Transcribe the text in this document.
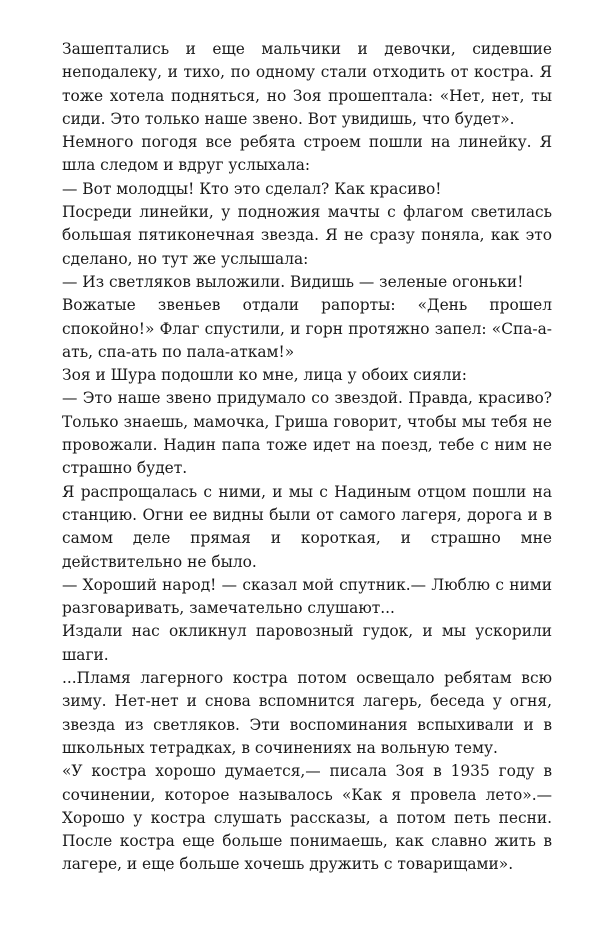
Зашептались и еще мальчики и девочки, сидевшие неподалеку, и тихо, по одному стали отходить от костра. Я тоже хотела подняться, но Зоя прошептала: «Нет, нет, ты сиди. Это только наше звено. Вот увидишь, что будет».

Немного погодя все ребята строем пошли на линейку. Я шла следом и вдруг услыхала:

— Вот молодцы! Кто это сделал? Как красиво!

Посреди линейки, у подножия мачты с флагом светилась большая пятиконечная звезда. Я не сразу поняла, как это сделано, но тут же услышала:

— Из светляков выложили. Видишь — зеленые огоньки!

Вожатые звеньев отдали рапорты: «День прошел спокойно!» Флаг спустили, и горн протяжно запел: «Спа-а-ать, спа-ать по пала-аткам!»

Зоя и Шура подошли ко мне, лица у обоих сияли:

— Это наше звено придумало со звездой. Правда, красиво? Только знаешь, мамочка, Гриша говорит, чтобы мы тебя не провожали. Надин папа тоже идет на поезд, тебе с ним не страшно будет.

Я распрощалась с ними, и мы с Надиным отцом пошли на станцию. Огни ее видны были от самого лагеря, дорога и в самом деле прямая и короткая, и страшно мне действительно не было.

— Хороший народ! — сказал мой спутник.— Люблю с ними разговаривать, замечательно слушают...

Издали нас окликнул паровозный гудок, и мы ускорили шаги.

...Пламя лагерного костра потом освещало ребятам всю зиму. Нет-нет и снова вспомнится лагерь, беседа у огня, звезда из светляков. Эти воспоминания вспыхивали и в школьных тетрадках, в сочинениях на вольную тему.

«У костра хорошо думается,— писала Зоя в 1935 году в сочинении, которое называлось «Как я провела лето».— Хорошо у костра слушать рассказы, а потом петь песни. После костра еще больше понимаешь, как славно жить в лагере, и еще больше хочешь дружить с товарищами».
